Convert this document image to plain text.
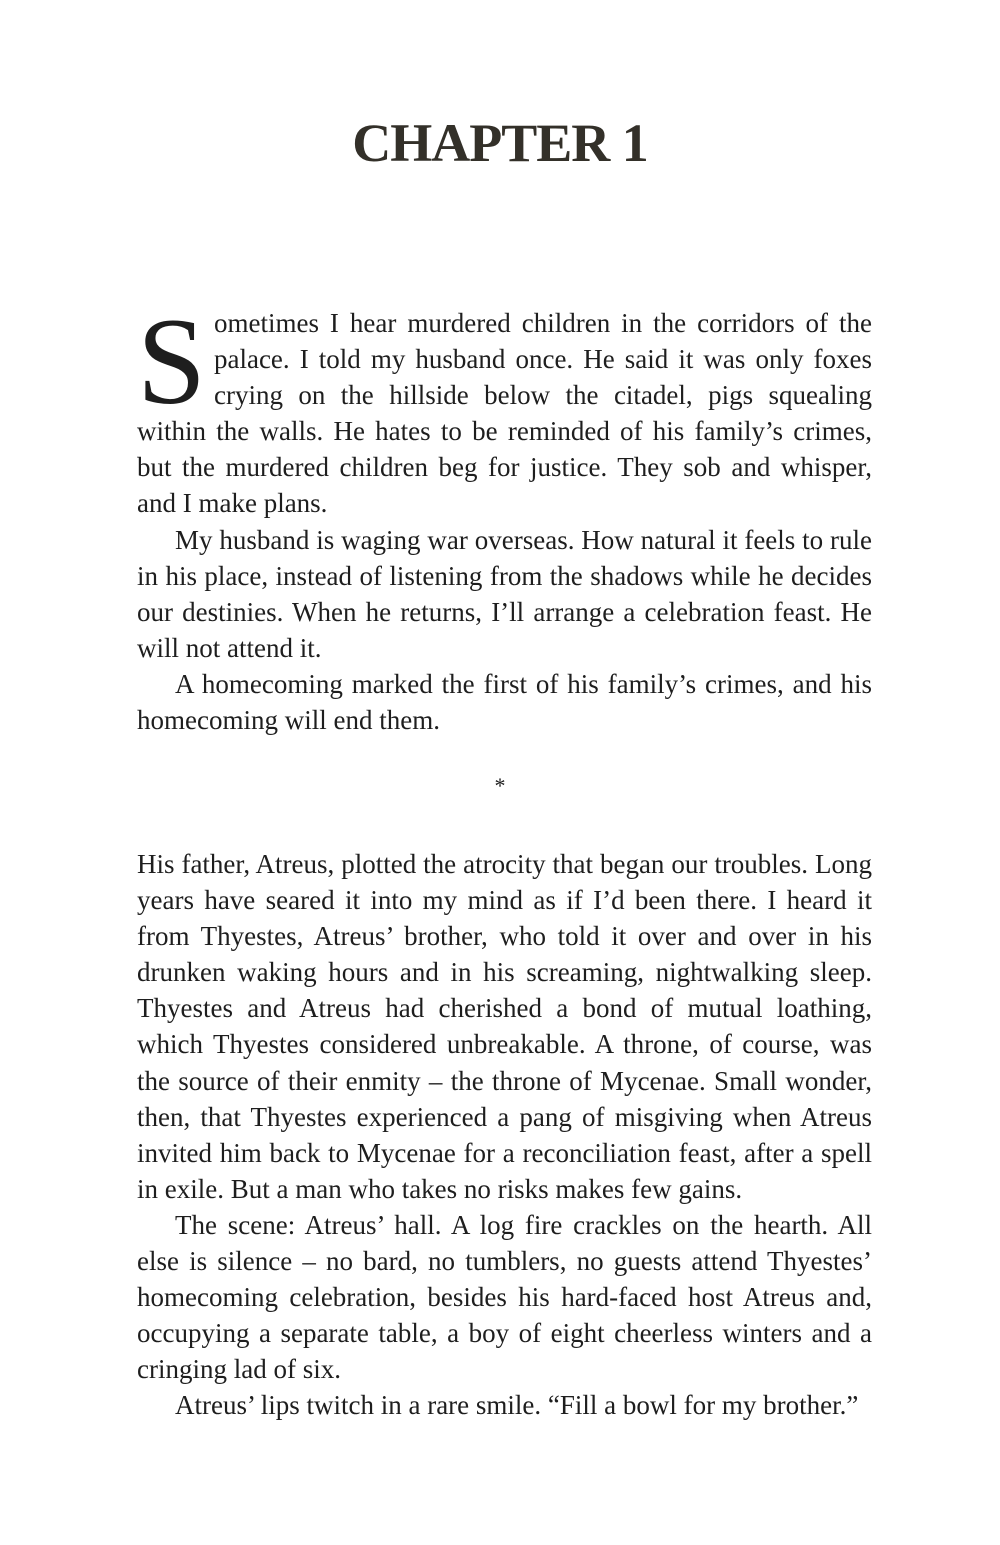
CHAPTER 1

Sometimes I hear murdered children in the corridors of the palace. I told my husband once. He said it was only foxes crying on the hillside below the citadel, pigs squealing within the walls. He hates to be reminded of his family’s crimes, but the murdered children beg for justice. They sob and whisper, and I make plans.

My husband is waging war overseas. How natural it feels to rule in his place, instead of listening from the shadows while he decides our destinies. When he returns, I’ll arrange a celebration feast. He will not attend it.

A homecoming marked the first of his family’s crimes, and his homecoming will end them.

*

His father, Atreus, plotted the atrocity that began our troubles. Long years have seared it into my mind as if I’d been there. I heard it from Thyestes, Atreus’ brother, who told it over and over in his drunken waking hours and in his screaming, nightwalking sleep. Thyestes and Atreus had cherished a bond of mutual loathing, which Thyestes considered unbreakable. A throne, of course, was the source of their enmity – the throne of Mycenae. Small wonder, then, that Thyestes experienced a pang of misgiving when Atreus invited him back to Mycenae for a reconciliation feast, after a spell in exile. But a man who takes no risks makes few gains.

The scene: Atreus’ hall. A log fire crackles on the hearth. All else is silence – no bard, no tumblers, no guests attend Thyestes’ homecoming celebration, besides his hard-faced host Atreus and, occupying a separate table, a boy of eight cheerless winters and a cringing lad of six.

Atreus’ lips twitch in a rare smile. “Fill a bowl for my brother.”
